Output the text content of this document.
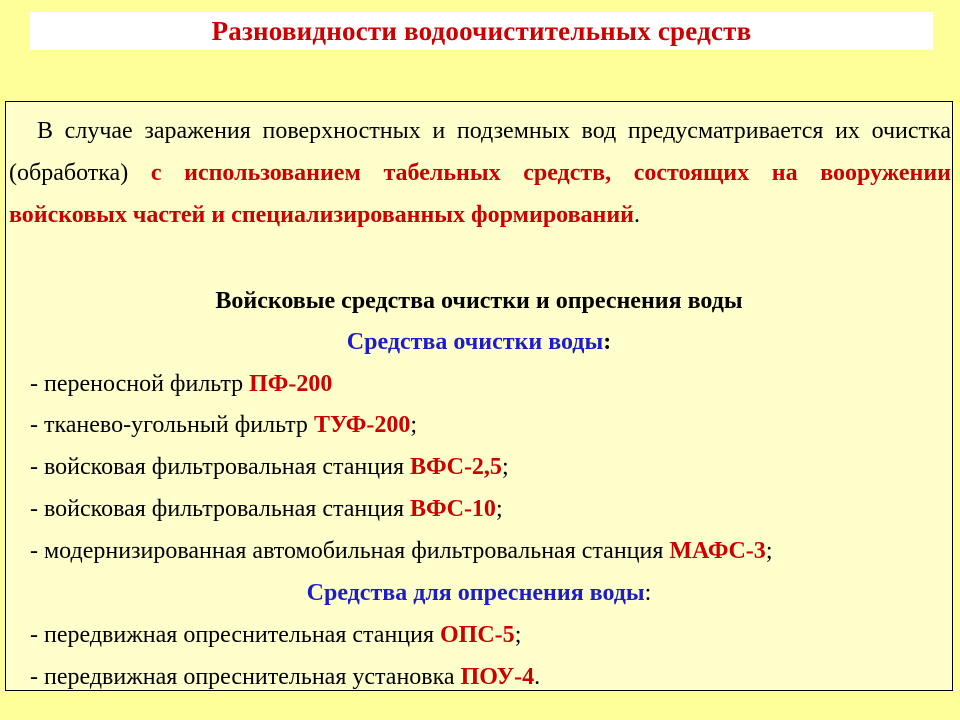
Разновидности водоочистительных средств
В случае заражения поверхностных и подземных вод предусматривается их очистка (обработка) с использованием табельных средств, состоящих на вооружении войсковых частей и специализированных формирований.
Войсковые средства очистки и опреснения воды
Средства очистки воды:
- переносной фильтр ПФ-200
- тканево-угольный фильтр ТУФ-200;
- войсковая фильтровальная станция ВФС-2,5;
- войсковая фильтровальная станция ВФС-10;
- модернизированная автомобильная фильтровальная станция МАФС-3;
Средства для опреснения воды:
- передвижная опреснительная станция ОПС-5;
- передвижная опреснительная установка ПОУ-4.
